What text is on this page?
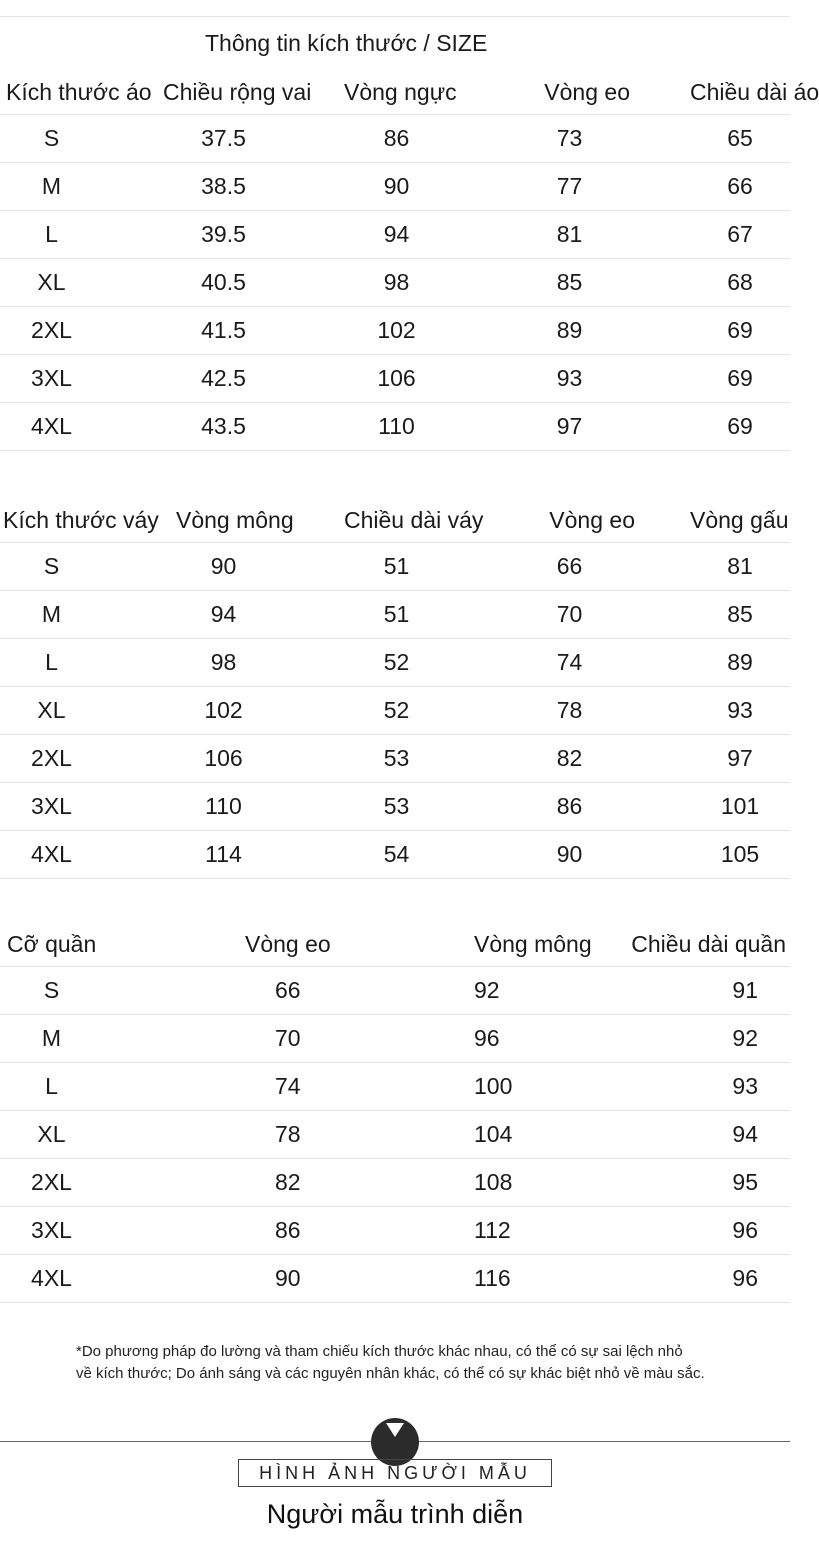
Thông tin kích thước / SIZE
Kích thước áo	Chiều rộng vai	Vòng ngực	Vòng eo	Chiều dài áo
S	37.5	86	73	65
M	38.5	90	77	66
L	39.5	94	81	67
XL	40.5	98	85	68
2XL	41.5	102	89	69
3XL	42.5	106	93	69
4XL	43.5	110	97	69
Kích thước váy	Vòng mông	Chiều dài váy	Vòng eo	Vòng gấu
S	90	51	66	81
M	94	51	70	85
L	98	52	74	89
XL	102	52	78	93
2XL	106	53	82	97
3XL	110	53	86	101
4XL	114	54	90	105
Cỡ quần	Vòng eo	Vòng mông	Chiều dài quần
S	66	92	91
M	70	96	92
L	74	100	93
XL	78	104	94
2XL	82	108	95
3XL	86	112	96
4XL	90	116	96
*Do phương pháp đo lường và tham chiếu kích thước khác nhau, có thể có sự sai lệch nhỏ
về kích thước; Do ánh sáng và các nguyên nhân khác, có thể có sự khác biệt nhỏ về màu sắc.
HÌNH ẢNH NGƯỜI MẪU
Người mẫu trình diễn
